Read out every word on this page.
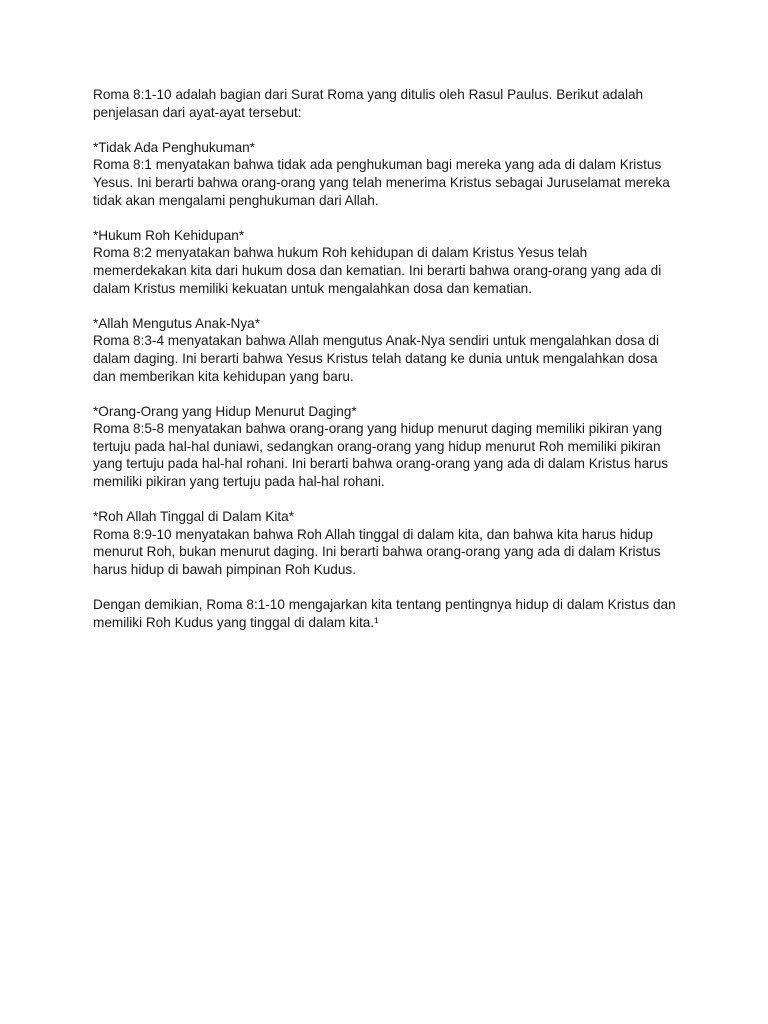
Roma 8:1-10 adalah bagian dari Surat Roma yang ditulis oleh Rasul Paulus. Berikut adalah penjelasan dari ayat-ayat tersebut:

*Tidak Ada Penghukuman*
Roma 8:1 menyatakan bahwa tidak ada penghukuman bagi mereka yang ada di dalam Kristus Yesus. Ini berarti bahwa orang-orang yang telah menerima Kristus sebagai Juruselamat mereka tidak akan mengalami penghukuman dari Allah.
*Hukum Roh Kehidupan*
Roma 8:2 menyatakan bahwa hukum Roh kehidupan di dalam Kristus Yesus telah memerdekakan kita dari hukum dosa dan kematian. Ini berarti bahwa orang-orang yang ada di dalam Kristus memiliki kekuatan untuk mengalahkan dosa dan kematian.
*Allah Mengutus Anak-Nya*
Roma 8:3-4 menyatakan bahwa Allah mengutus Anak-Nya sendiri untuk mengalahkan dosa di dalam daging. Ini berarti bahwa Yesus Kristus telah datang ke dunia untuk mengalahkan dosa dan memberikan kita kehidupan yang baru.
*Orang-Orang yang Hidup Menurut Daging*
Roma 8:5-8 menyatakan bahwa orang-orang yang hidup menurut daging memiliki pikiran yang tertuju pada hal-hal duniawi, sedangkan orang-orang yang hidup menurut Roh memiliki pikiran yang tertuju pada hal-hal rohani. Ini berarti bahwa orang-orang yang ada di dalam Kristus harus memiliki pikiran yang tertuju pada hal-hal rohani.
*Roh Allah Tinggal di Dalam Kita*
Roma 8:9-10 menyatakan bahwa Roh Allah tinggal di dalam kita, dan bahwa kita harus hidup menurut Roh, bukan menurut daging. Ini berarti bahwa orang-orang yang ada di dalam Kristus harus hidup di bawah pimpinan Roh Kudus.

Dengan demikian, Roma 8:1-10 mengajarkan kita tentang pentingnya hidup di dalam Kristus dan memiliki Roh Kudus yang tinggal di dalam kita.¹
